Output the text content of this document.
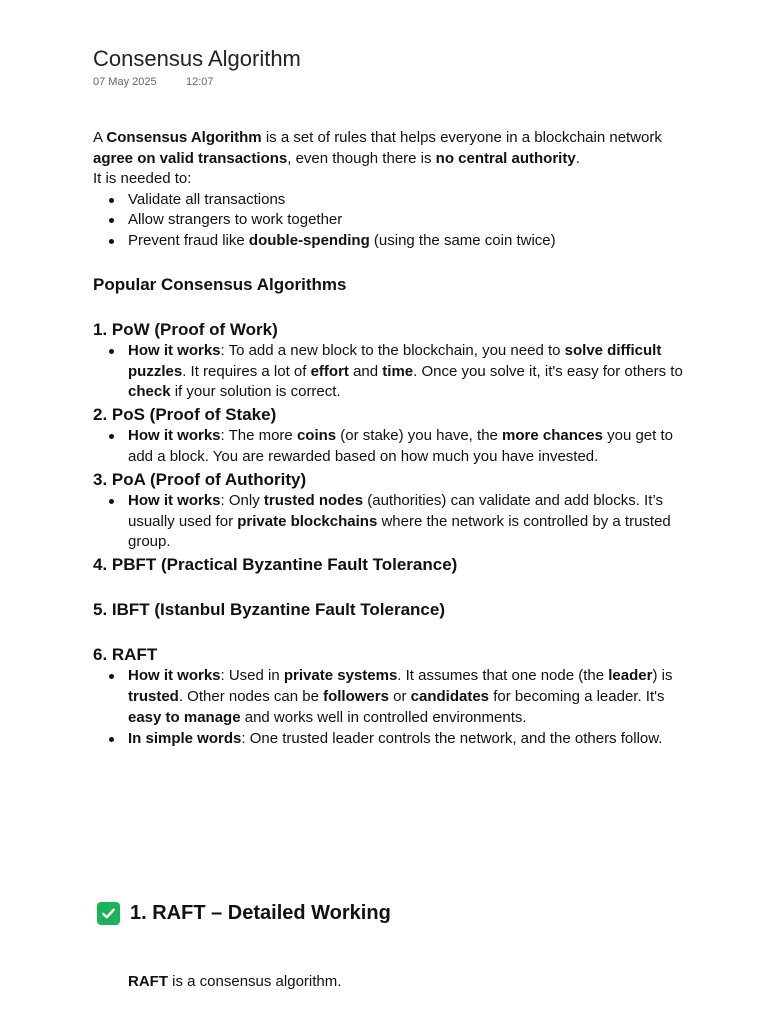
Consensus Algorithm
07 May 2025	12:07

A Consensus Algorithm is a set of rules that helps everyone in a blockchain network agree on valid transactions, even though there is no central authority.

It is needed to:

Validate all transactions
Allow strangers to work together
Prevent fraud like double-spending (using the same coin twice)
Popular Consensus Algorithms
1. PoW (Proof of Work)
How it works: To add a new block to the blockchain, you need to solve difficult puzzles. It requires a lot of effort and time. Once you solve it, it's easy for others to check if your solution is correct.
2. PoS (Proof of Stake)
How it works: The more coins (or stake) you have, the more chances you get to add a block. You are rewarded based on how much you have invested.
3. PoA (Proof of Authority)
How it works: Only trusted nodes (authorities) can validate and add blocks. It’s usually used for private blockchains where the network is controlled by a trusted group.
4. PBFT (Practical Byzantine Fault Tolerance)
5. IBFT (Istanbul Byzantine Fault Tolerance)
6. RAFT
How it works: Used in private systems. It assumes that one node (the leader) is trusted. Other nodes can be followers or candidates for becoming a leader. It's easy to manage and works well in controlled environments.
In simple words: One trusted leader controls the network, and the others follow.
1. RAFT – Detailed Working

RAFT is a consensus algorithm.
